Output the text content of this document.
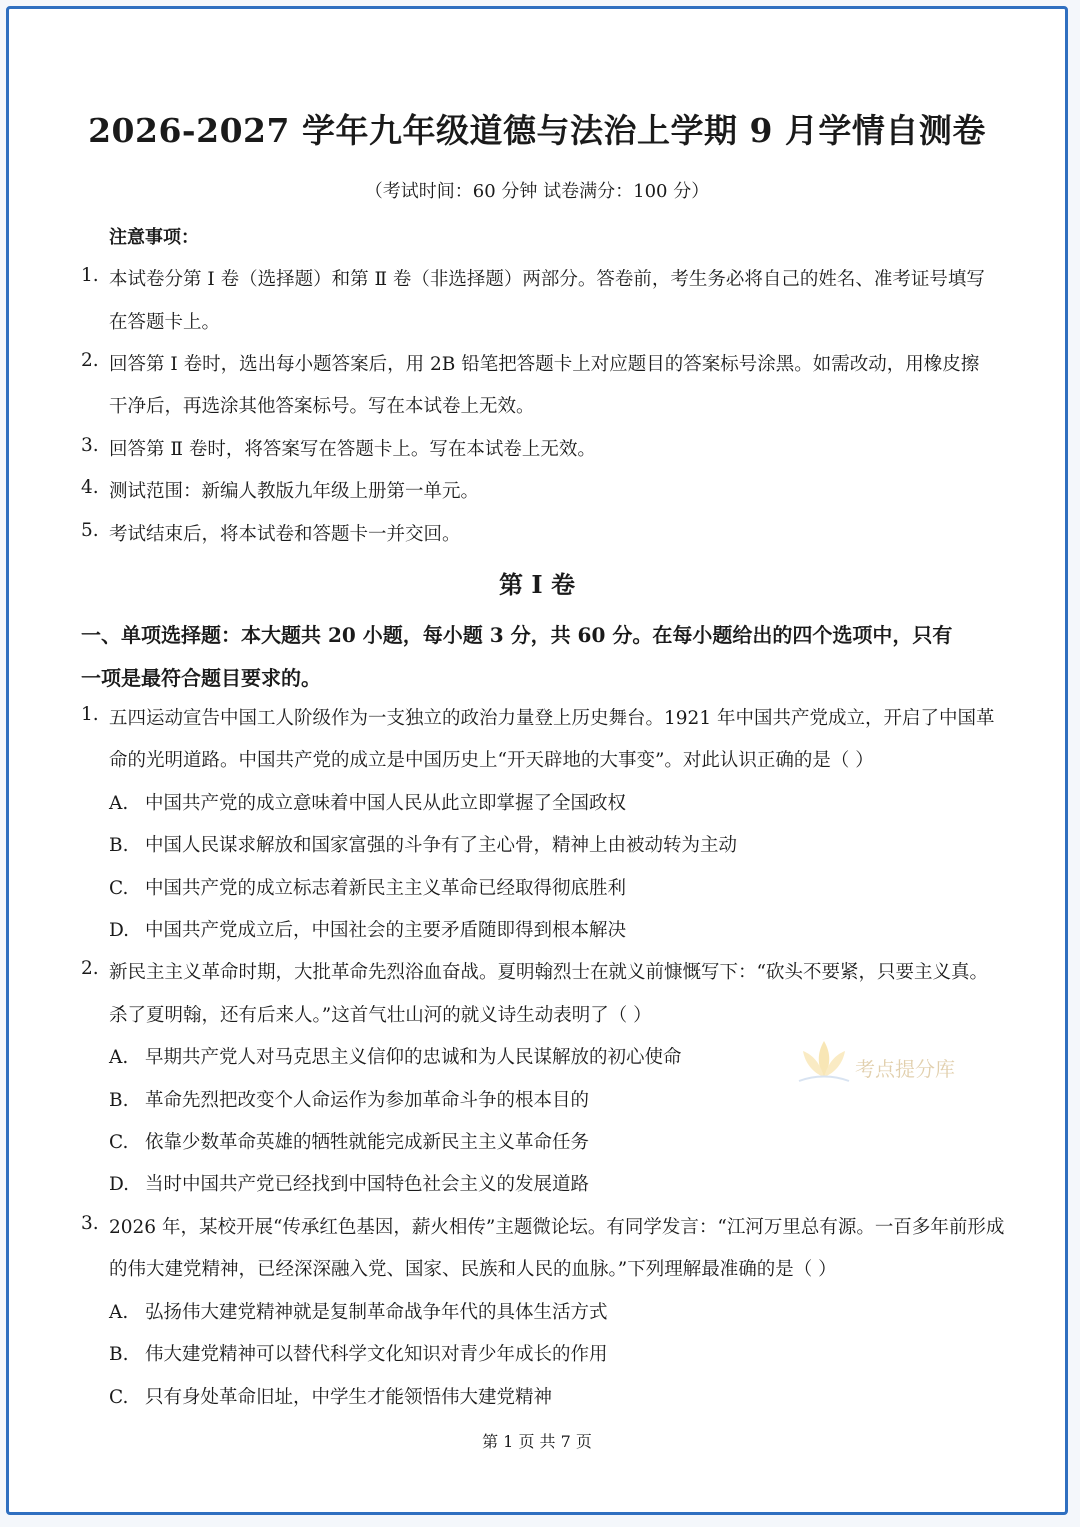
2026-2027 学年九年级道德与法治上学期 9 月学情自测卷
（考试时间：60 分钟 试卷满分：100 分）
注意事项：
1. 本试卷分第 Ⅰ 卷（选择题）和第 Ⅱ 卷（非选择题）两部分。答卷前，考生务必将自己的姓名、准考证号填写
在答题卡上。
2. 回答第 Ⅰ 卷时，选出每小题答案后，用 2B 铅笔把答题卡上对应题目的答案标号涂黑。如需改动，用橡皮擦
干净后，再选涂其他答案标号。写在本试卷上无效。
3. 回答第 Ⅱ 卷时，将答案写在答题卡上。写在本试卷上无效。
4. 测试范围：新编人教版九年级上册第一单元。
5. 考试结束后，将本试卷和答题卡一并交回。
第 Ⅰ 卷
一、单项选择题：本大题共 20 小题，每小题 3 分，共 60 分。在每小题给出的四个选项中，只有
一项是最符合题目要求的。
1. 五四运动宣告中国工人阶级作为一支独立的政治力量登上历史舞台。1921 年中国共产党成立，开启了中国革
命的光明道路。中国共产党的成立是中国历史上“开天辟地的大事变”。对此认识正确的是（ ）
A. 中国共产党的成立意味着中国人民从此立即掌握了全国政权
B. 中国人民谋求解放和国家富强的斗争有了主心骨，精神上由被动转为主动
C. 中国共产党的成立标志着新民主主义革命已经取得彻底胜利
D. 中国共产党成立后，中国社会的主要矛盾随即得到根本解决
2. 新民主主义革命时期，大批革命先烈浴血奋战。夏明翰烈士在就义前慷慨写下：“砍头不要紧，只要主义真。
杀了夏明翰，还有后来人。”这首气壮山河的就义诗生动表明了（ ）
A. 早期共产党人对马克思主义信仰的忠诚和为人民谋解放的初心使命
B. 革命先烈把改变个人命运作为参加革命斗争的根本目的
C. 依靠少数革命英雄的牺牲就能完成新民主主义革命任务
D. 当时中国共产党已经找到中国特色社会主义的发展道路
3. 2026 年，某校开展“传承红色基因，薪火相传”主题微论坛。有同学发言：“江河万里总有源。一百多年前形成
的伟大建党精神，已经深深融入党、国家、民族和人民的血脉。”下列理解最准确的是（ ）
A. 弘扬伟大建党精神就是复制革命战争年代的具体生活方式
B. 伟大建党精神可以替代科学文化知识对青少年成长的作用
C. 只有身处革命旧址，中学生才能领悟伟大建党精神
考点提分库
第 1 页 共 7 页
